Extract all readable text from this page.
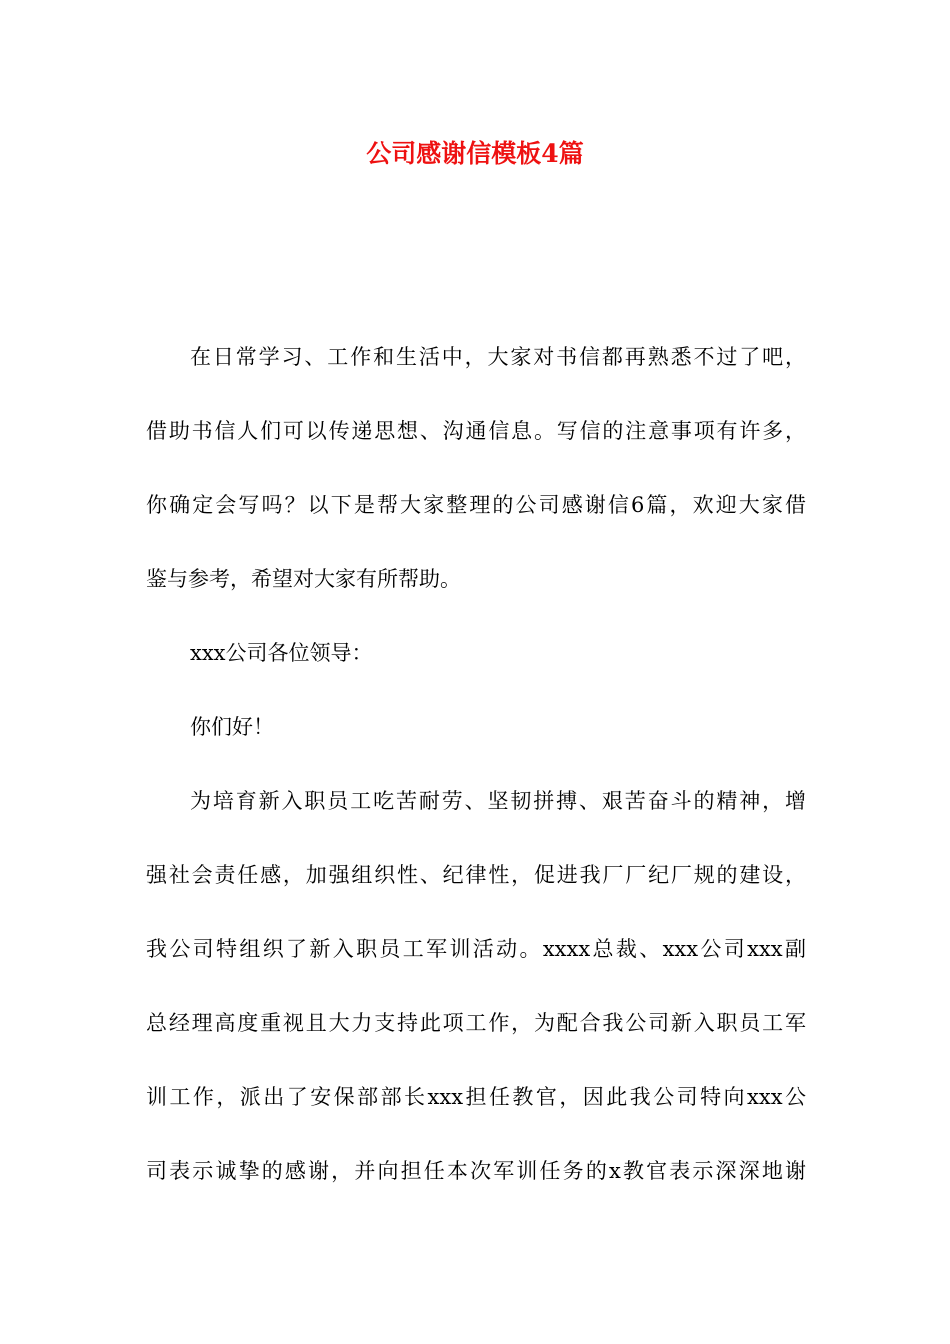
公司感谢信模板4篇
在日常学习、工作和生活中，大家对书信都再熟悉不过了吧，
借助书信人们可以传递思想、沟通信息。写信的注意事项有许多，
你确定会写吗？以下是帮大家整理的公司感谢信6篇，欢迎大家借
鉴与参考，希望对大家有所帮助。
xxx公司各位领导：
你们好！
为培育新入职员工吃苦耐劳、坚韧拼搏、艰苦奋斗的精神，增
强社会责任感，加强组织性、纪律性，促进我厂厂纪厂规的建设，
我公司特组织了新入职员工军训活动。xxxx总裁、xxx公司xxx副
总经理高度重视且大力支持此项工作，为配合我公司新入职员工军
训工作，派出了安保部部长xxx担任教官，因此我公司特向xxx公
司表示诚挚的感谢，并向担任本次军训任务的x教官表示深深地谢
